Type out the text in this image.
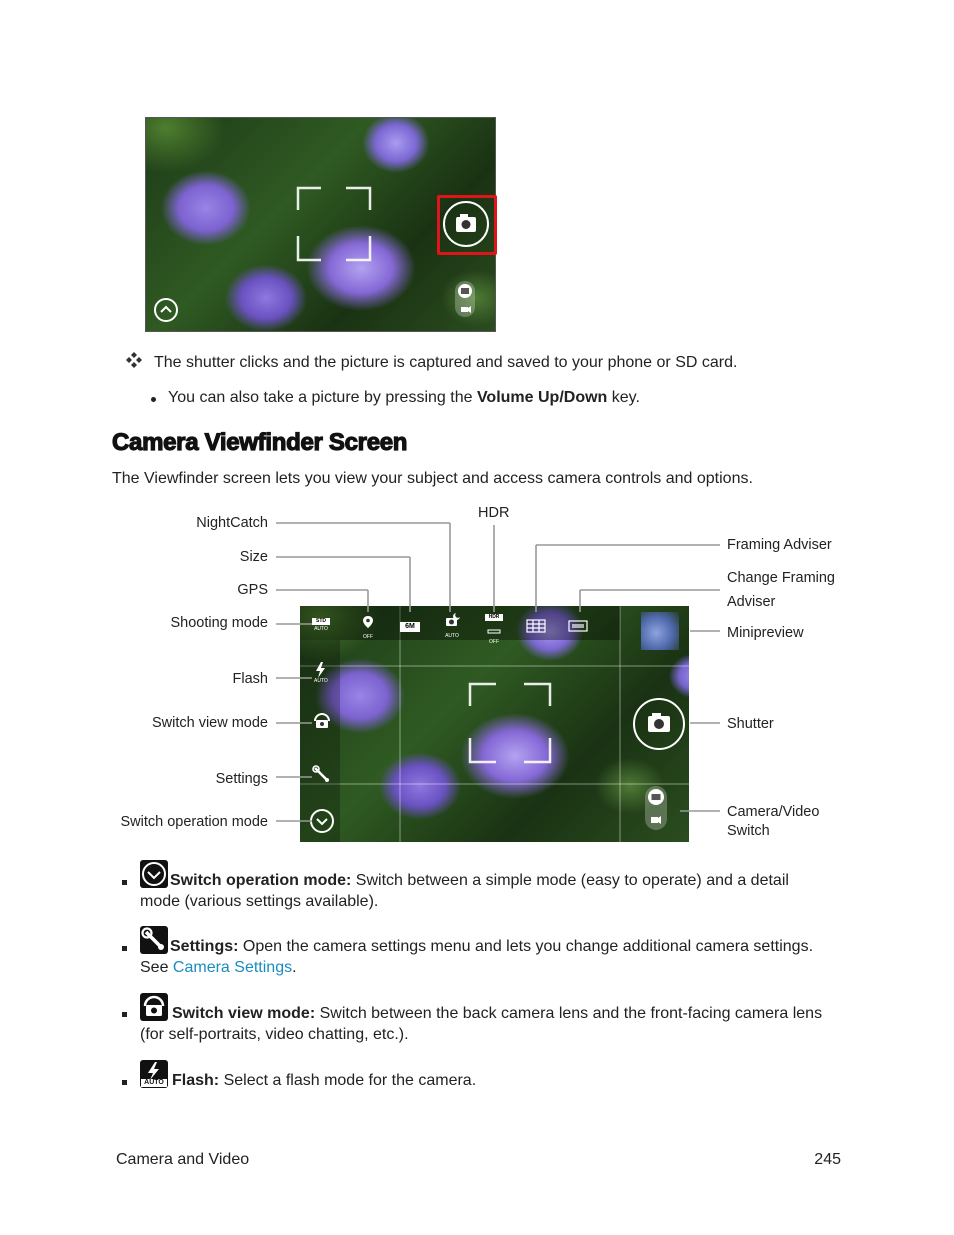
The shutter clicks and the picture is captured and saved to your phone or SD card.
You can also take a picture by pressing the Volume Up/Down key.
Camera Viewfinder Screen
The Viewfinder screen lets you view your subject and access camera controls and options.
STD
AUTO
OFF
6M
AUTO
HDR
OFF
AUTO
NightCatch
Size
GPS
Shooting mode
Flash
Switch view mode
Settings
Switch operation mode
HDR
Framing Adviser
Change Framing
Adviser
Minipreview
Shutter
Camera/Video
Switch
Switch operation mode: Switch between a simple mode (easy to operate) and a detail mode (various settings available).
Settings: Open the camera settings menu and lets you change additional camera settings. See Camera Settings.
Switch view mode: Switch between the back camera lens and the front-facing camera lens (for self-portraits, video chatting, etc.).
AUTO Flash: Select a flash mode for the camera.
Camera and Video	245
